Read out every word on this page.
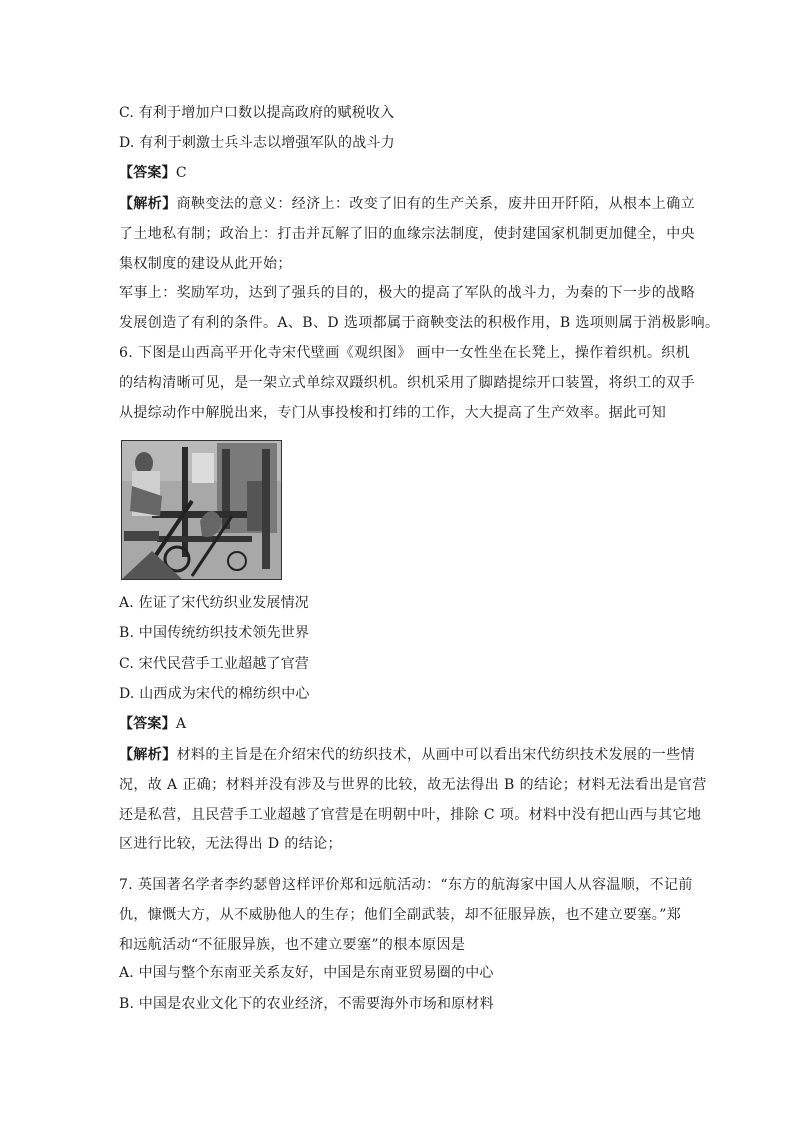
C. 有利于增加户口数以提高政府的赋税收入
D. 有利于刺激士兵斗志以增强军队的战斗力
【答案】C
【解析】商鞅变法的意义：经济上：改变了旧有的生产关系，废井田开阡陌，从根本上确立
了土地私有制；政治上：打击并瓦解了旧的血缘宗法制度，使封建国家机制更加健全，中央
集权制度的建设从此开始；
军事上：奖励军功，达到了强兵的目的，极大的提高了军队的战斗力，为秦的下一步的战略
发展创造了有利的条件。A、B、D 选项都属于商鞅变法的积极作用，B 选项则属于消极影响。
6. 下图是山西高平开化寺宋代壁画《观织图》 画中一女性坐在长凳上，操作着织机。织机
的结构清晰可见，是一架立式单综双蹑织机。织机采用了脚踏提综开口装置，将织工的双手
从提综动作中解脱出来，专门从事投梭和打纬的工作，大大提高了生产效率。据此可知
A. 佐证了宋代纺织业发展情况
B. 中国传统纺织技术领先世界
C. 宋代民营手工业超越了官营
D. 山西成为宋代的棉纺织中心
【答案】A
【解析】材料的主旨是在介绍宋代的纺织技术，从画中可以看出宋代纺织技术发展的一些情
况，故 A 正确；材料并没有涉及与世界的比较，故无法得出 B 的结论；材料无法看出是官营
还是私营，且民营手工业超越了官营是在明朝中叶，排除 C 项。材料中没有把山西与其它地
区进行比较，无法得出 D 的结论；
7. 英国著名学者李约瑟曾这样评价郑和远航活动：“东方的航海家中国人从容温顺，不记前
仇，慷慨大方，从不威胁他人的生存；他们全副武装，却不征服异族，也不建立要塞。”郑
和远航活动“不征服异族，也不建立要塞”的根本原因是
A. 中国与整个东南亚关系友好，中国是东南亚贸易圈的中心
B. 中国是农业文化下的农业经济，不需要海外市场和原材料
